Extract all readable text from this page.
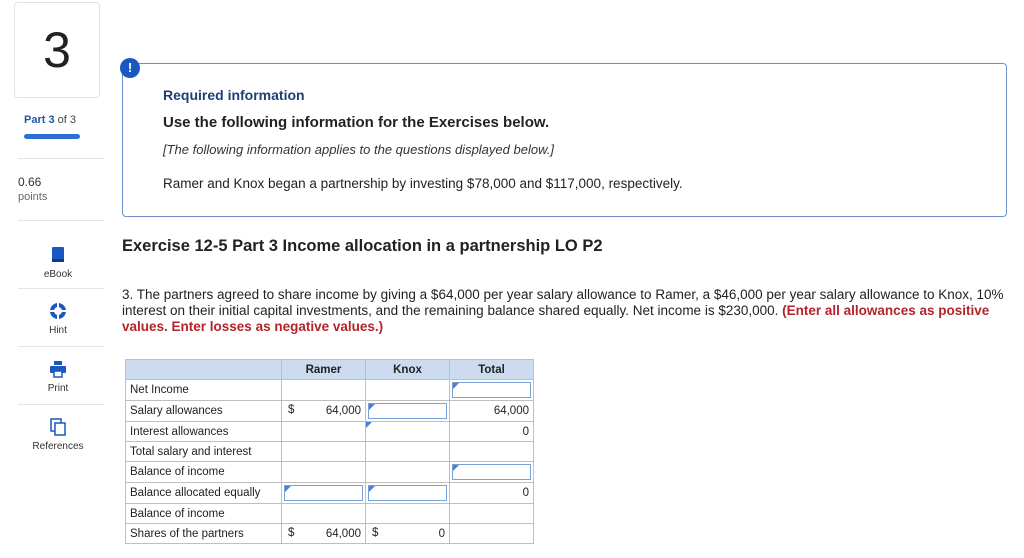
3
Part 3 of 3
0.66
points
eBook
Hint
Print
References
!
Required information
Use the following information for the Exercises below.
[The following information applies to the questions displayed below.]
Ramer and Knox began a partnership by investing $78,000 and $117,000, respectively.
Exercise 12-5 Part 3 Income allocation in a partnership LO P2
3. The partners agreed to share income by giving a $64,000 per year salary allowance to Ramer, a $46,000 per year salary allowance to Knox, 10% interest on their initial capital investments, and the remaining balance shared equally. Net income is $230,000. (Enter all allowances as positive values. Enter losses as negative values.)
	Ramer	Knox	Total
Net Income			

Salary allowances	$ 64,000		64,000
Interest allowances			0
Total salary and interest			
Balance of income			

Balance allocated equally			0
Balance of income			
Shares of the partners	$ 64,000	$ 0	
